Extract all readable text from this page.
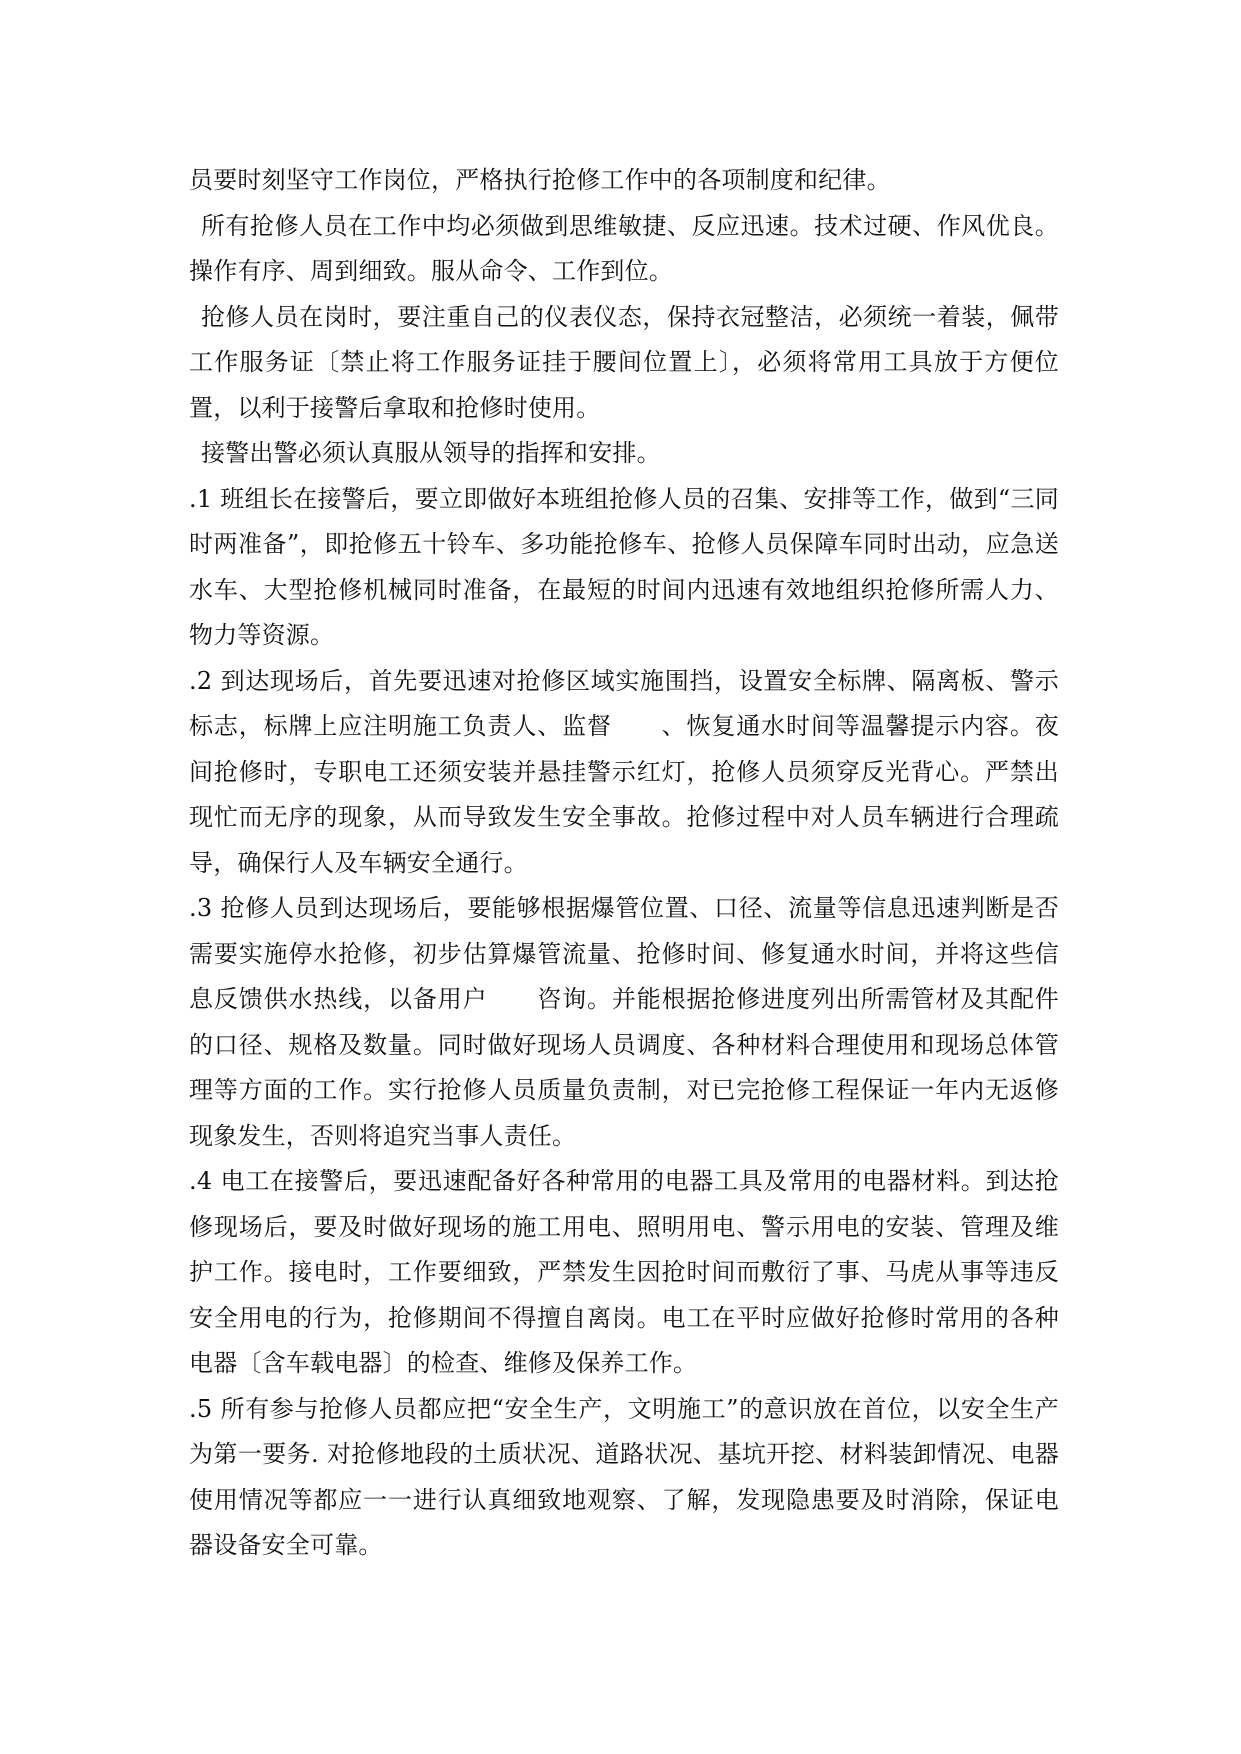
员要时刻坚守工作岗位，严格执行抢修工作中的各项制度和纪律。

所有抢修人员在工作中均必须做到思维敏捷、反应迅速。技术过硬、作风优良。操作有序、周到细致。服从命令、工作到位。

抢修人员在岗时，要注重自己的仪表仪态，保持衣冠整洁，必须统一着装，佩带工作服务证〔禁止将工作服务证挂于腰间位置上〕，必须将常用工具放于方便位置，以利于接警后拿取和抢修时使用。

接警出警必须认真服从领导的指挥和安排。

.1 班组长在接警后，要立即做好本班组抢修人员的召集、安排等工作，做到“三同时两准备”，即抢修五十铃车、多功能抢修车、抢修人员保障车同时出动，应急送水车、大型抢修机械同时准备，在最短的时间内迅速有效地组织抢修所需人力、物力等资源。

.2 到达现场后，首先要迅速对抢修区域实施围挡，设置安全标牌、隔离板、警示标志，标牌上应注明施工负责人、监督　　、恢复通水时间等温馨提示内容。夜间抢修时，专职电工还须安装并悬挂警示红灯，抢修人员须穿反光背心。严禁出现忙而无序的现象，从而导致发生安全事故。抢修过程中对人员车辆进行合理疏导，确保行人及车辆安全通行。

.3 抢修人员到达现场后，要能够根据爆管位置、口径、流量等信息迅速判断是否需要实施停水抢修，初步估算爆管流量、抢修时间、修复通水时间，并将这些信息反馈供水热线，以备用户　　咨询。并能根据抢修进度列出所需管材及其配件的口径、规格及数量。同时做好现场人员调度、各种材料合理使用和现场总体管理等方面的工作。实行抢修人员质量负责制，对已完抢修工程保证一年内无返修现象发生，否则将追究当事人责任。

.4 电工在接警后，要迅速配备好各种常用的电器工具及常用的电器材料。到达抢修现场后，要及时做好现场的施工用电、照明用电、警示用电的安装、管理及维护工作。接电时，工作要细致，严禁发生因抢时间而敷衍了事、马虎从事等违反安全用电的行为，抢修期间不得擅自离岗。电工在平时应做好抢修时常用的各种电器〔含车载电器〕的检查、维修及保养工作。

.5 所有参与抢修人员都应把“安全生产，文明施工”的意识放在首位，以安全生产为第一要务. 对抢修地段的土质状况、道路状况、基坑开挖、材料装卸情况、电器使用情况等都应一一进行认真细致地观察、了解，发现隐患要及时消除，保证电器设备安全可靠。
